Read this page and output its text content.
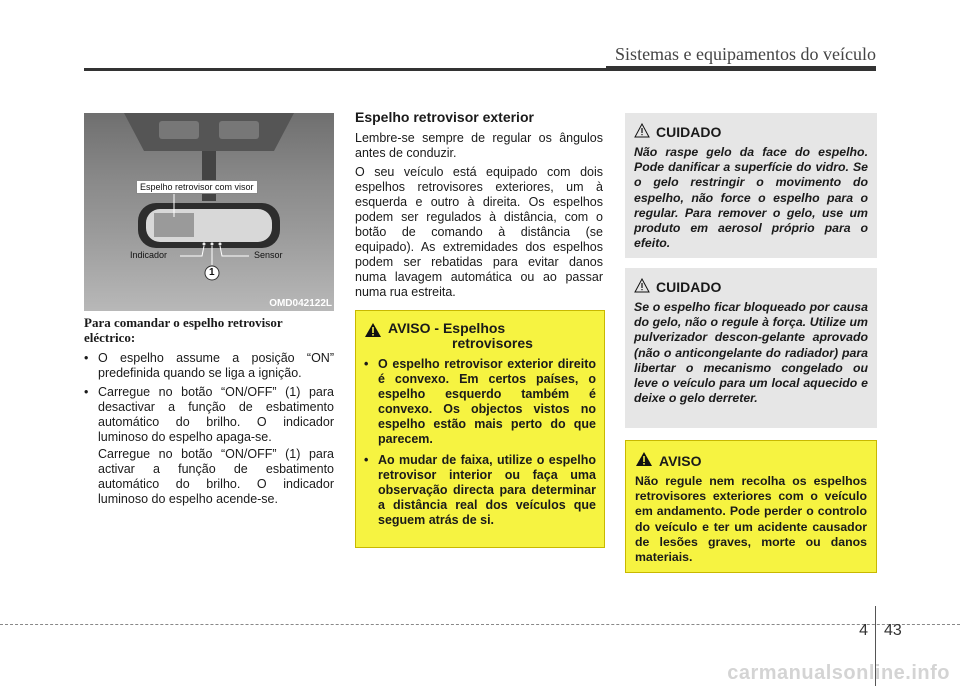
Sistemas e equipamentos do veículo
Espelho retrovisor com visor
Indicador	Sensor
1
OMD042122L

Para comandar o espelho retrovisor eléctrico:

• O espelho assume a posição “ON” predefinida quando se liga a ignição.

• Carregue no botão “ON/OFF” (1) para desactivar a função de esbatimento automático do brilho. O indicador luminoso do espelho apaga-se.

Carregue no botão “ON/OFF” (1) para activar a função de esbatimento automático do brilho. O indicador luminoso do espelho acende-se.

Espelho retrovisor exterior

Lembre-se sempre de regular os ângulos antes de conduzir.

O seu veículo está equipado com dois espelhos retrovisores exteriores, um à esquerda e outro à direita. Os espelhos podem ser regulados à distância, com o botão de comando à distância (se equipado). As extremidades dos espelhos podem ser rebatidas para evitar danos numa lavagem automática ou ao passar numa rua estreita.

AVISO - Espelhos
retrovisores

• O espelho retrovisor exterior direito é convexo. Em certos países, o espelho esquerdo também é convexo. Os objectos vistos no espelho estão mais perto do que parecem.

• Ao mudar de faixa, utilize o espelho retrovisor interior ou faça uma observação directa para determinar a distância real dos veículos que seguem atrás de si.

CUIDADO

Não raspe gelo da face do espelho. Pode danificar a superfície do vidro. Se o gelo restringir o movimento do espelho, não force o espelho para o regular. Para remover o gelo, use um produto em aerosol próprio para o efeito.

CUIDADO

Se o espelho ficar bloqueado por causa do gelo, não o regule à força. Utilize um pulverizador descon-gelante aprovado (não o anticongelante do radiador) para libertar o mecanismo congelado ou leve o veículo para um local aquecido e deixe o gelo derreter.

AVISO

Não regule nem recolha os espelhos retrovisores exteriores com o veículo em andamento. Pode perder o controlo do veículo e ter um acidente causador de lesões graves, morte ou danos materiais.

4 43
carmanualsonline.info
